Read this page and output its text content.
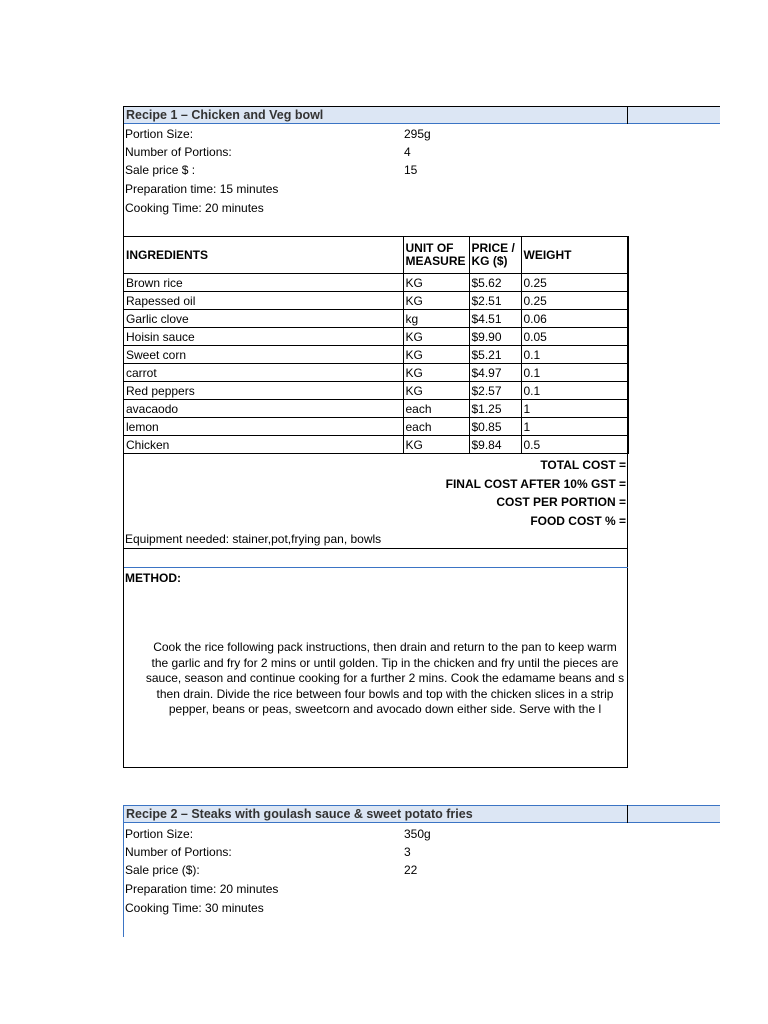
Recipe 1 – Chicken and Veg bowl
Portion Size:	295g
Number of Portions:	4
Sale price $ :	15
Preparation time: 15 minutes
Cooking Time: 20 minutes
INGREDIENTS	UNIT OF MEASURE	PRICE / KG ($)	WEIGHT
Brown rice	KG	$5.62	0.25
Rapessed oil	KG	$2.51	0.25
Garlic clove	kg	$4.51	0.06
Hoisin sauce	KG	$9.90	0.05
Sweet corn	KG	$5.21	0.1
carrot	KG	$4.97	0.1
Red peppers	KG	$2.57	0.1
avacaodo	each	$1.25	1
lemon	each	$0.85	1
Chicken	KG	$9.84	0.5
TOTAL COST =
FINAL COST AFTER 10% GST =
COST PER PORTION =
FOOD COST % =
Equipment needed: stainer,pot,frying pan, bowls
METHOD:
Cook the rice following pack instructions, then drain and return to the pan to keep warm
the garlic and fry for 2 mins or until golden. Tip in the chicken and fry until the pieces are
sauce, season and continue cooking for a further 2 mins. Cook the edamame beans and s
then drain. Divide the rice between four bowls and top with the chicken slices in a strip
pepper, beans or peas, sweetcorn and avocado down either side. Serve with the l
Recipe 2 – Steaks with goulash sauce & sweet potato fries
Portion Size:	350g
Number of Portions:	3
Sale price ($):	22
Preparation time: 20 minutes
Cooking Time: 30 minutes
